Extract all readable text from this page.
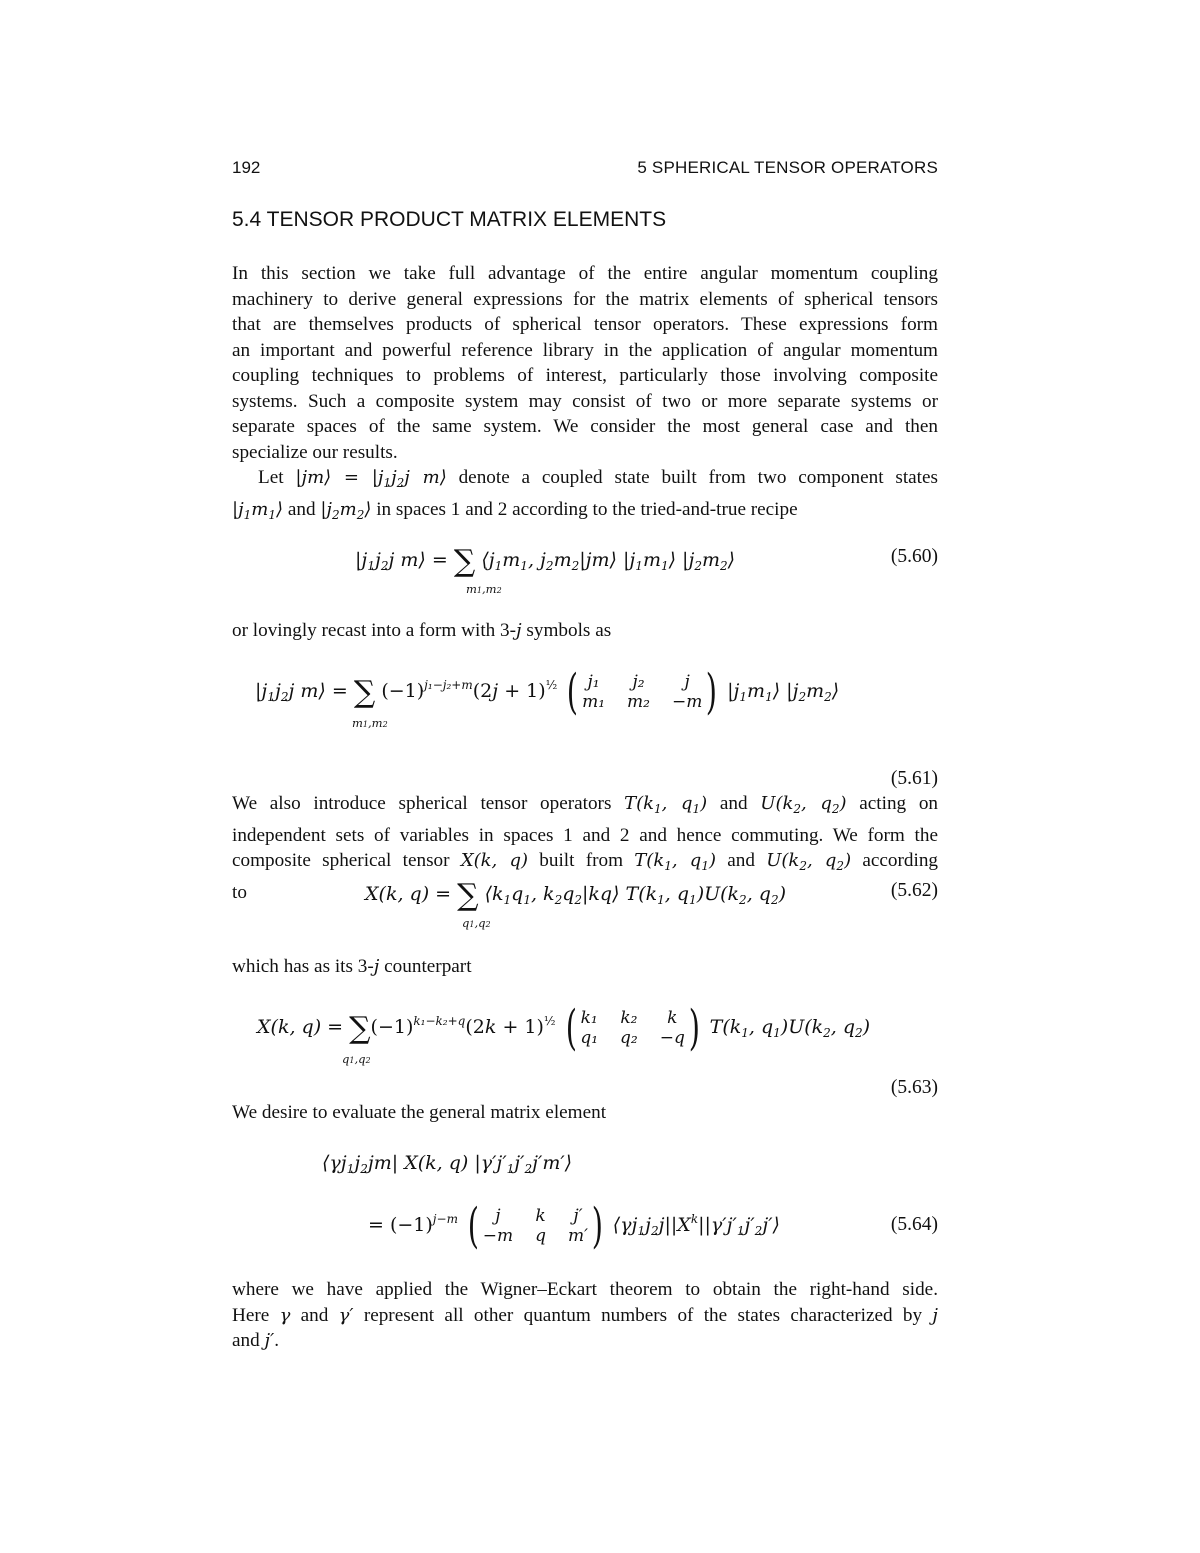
192	5 SPHERICAL TENSOR OPERATORS
5.4 TENSOR PRODUCT MATRIX ELEMENTS
In this section we take full advantage of the entire angular momentum coupling
machinery to derive general expressions for the matrix elements of spherical tensors
that are themselves products of spherical tensor operators. These expressions form
an important and powerful reference library in the application of angular momentum
coupling techniques to problems of interest, particularly those involving composite
systems. Such a composite system may consist of two or more separate systems or
separate spaces of the same system. We consider the most general case and then
specialize our results.
Let |jm⟩ = $|j_1j_2j$ m⟩ denote a coupled state built from two component states
$|j_1m_1⟩$ and $|j_2m_2⟩$ in spaces 1 and 2 according to the tried-and-true recipe
$|j_1j_2j$ m⟩ = ∑ $⟨j_1m_1$, $j_2m_2|jm⟩$ $|j_1m_1⟩$ $|j_2m_2⟩$
m1,m2
(5.60)
or lovingly recast into a form with 3-j symbols as
$|j_1j_2j$ m⟩ = ∑ $(-1)^{j_1-j_2+m}(2j + 1)^{\frac{1}{2}}$ ( j₁	j₂	j
m₁ m₂ −m ) $|j_1m_1⟩$ $|j_2m_2⟩$
m1,m2
(5.61)
We also introduce spherical tensor operators $T(k_1$, $q_1$) and $U(k_2$, $q_2$) acting on
independent sets of variables in spaces 1 and 2 and hence commuting. We form the
composite spherical tensor X(k, q) built from $T(k_1$, $q_1$) and $U(k_2$, $q_2$) according
to	X(k, q) = ∑ $⟨k_1q_1$, $k_2q_2|kq⟩$ $T(k_1$, $q_1)U(k_2$, $q_2$)
q1,q2
(5.62)
which has as its 3-j counterpart
X(k, $q) = \sum(-1)^{k_1-k_2+q}(2k + 1)^{\frac{1}{2}}$ ( k₁ k₂	k
q₁ q₂ −q ) $T(k_1$, $q_1)U(k_2$, $q_2$)
q1,q2
(5.63)
We desire to evaluate the general matrix element
$⟨\gamma j_1j_2jm|$ X(k, q) $|\gamma'j'_1j'_2j'm'⟩$
= $(-1)^{j-m}$ ( j	k	j′
−m q m′ ) $⟨\gamma j_1j_2j||X^k||\gamma'j'_1j'_2j'⟩$	(5.64)
where we have applied the Wigner–Eckart theorem to obtain the right-hand side.
Here γ and γ′ represent all other quantum numbers of the states characterized by j
and j′.
